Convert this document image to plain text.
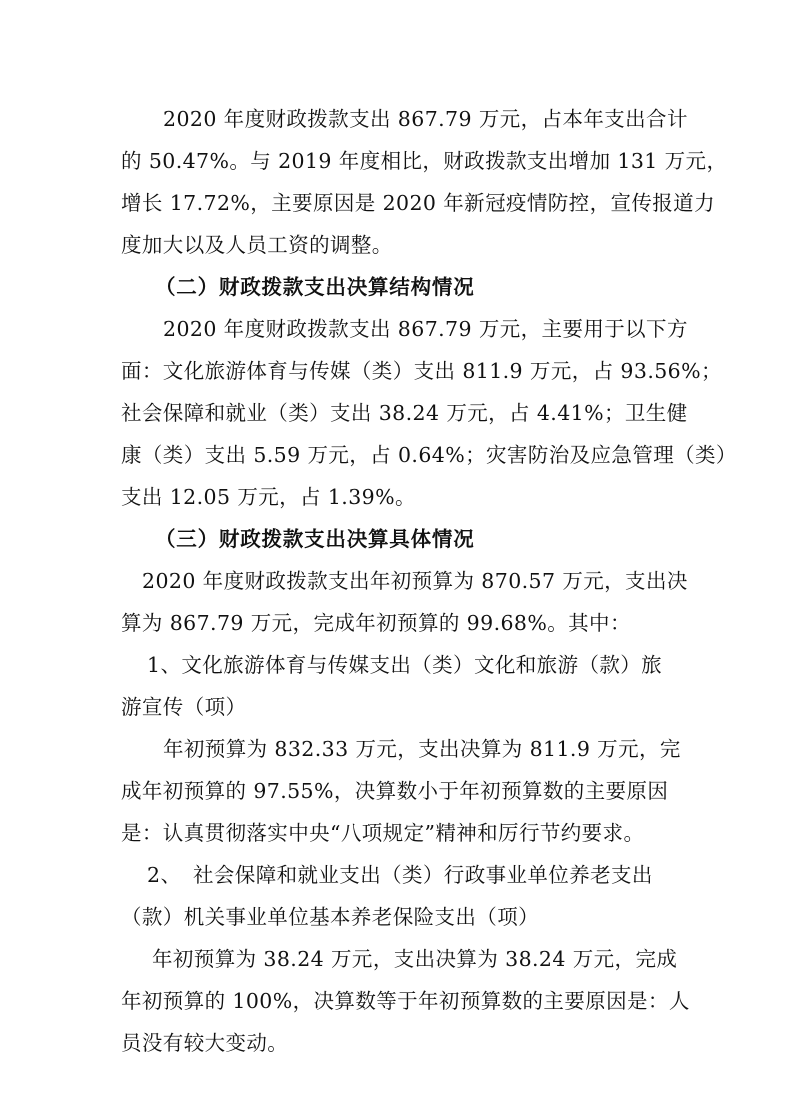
2020 年度财政拨款支出 867.79 万元，占本年支出合计
的 50.47%。与 2019 年度相比，财政拨款支出增加 131 万元，
增长 17.72%，主要原因是 2020 年新冠疫情防控，宣传报道力
度加大以及人员工资的调整。
（二）财政拨款支出决算结构情况
2020 年度财政拨款支出 867.79 万元，主要用于以下方
面：文化旅游体育与传媒（类）支出 811.9 万元，占 93.56%；
社会保障和就业（类）支出 38.24 万元，占 4.41%；卫生健
康（类）支出 5.59 万元，占 0.64%；灾害防治及应急管理（类）
支出 12.05 万元，占 1.39%。
（三）财政拨款支出决算具体情况
2020 年度财政拨款支出年初预算为 870.57 万元，支出决
算为 867.79 万元，完成年初预算的 99.68%。其中：
1、文化旅游体育与传媒支出（类）文化和旅游（款）旅
游宣传（项）
年初预算为 832.33 万元，支出决算为 811.9 万元，完
成年初预算的 97.55%，决算数小于年初预算数的主要原因
是：认真贯彻落实中央“八项规定”精神和厉行节约要求。
2、 社会保障和就业支出（类）行政事业单位养老支出
（款）机关事业单位基本养老保险支出（项）
年初预算为 38.24 万元，支出决算为 38.24 万元，完成
年初预算的 100%，决算数等于年初预算数的主要原因是：人
员没有较大变动。
